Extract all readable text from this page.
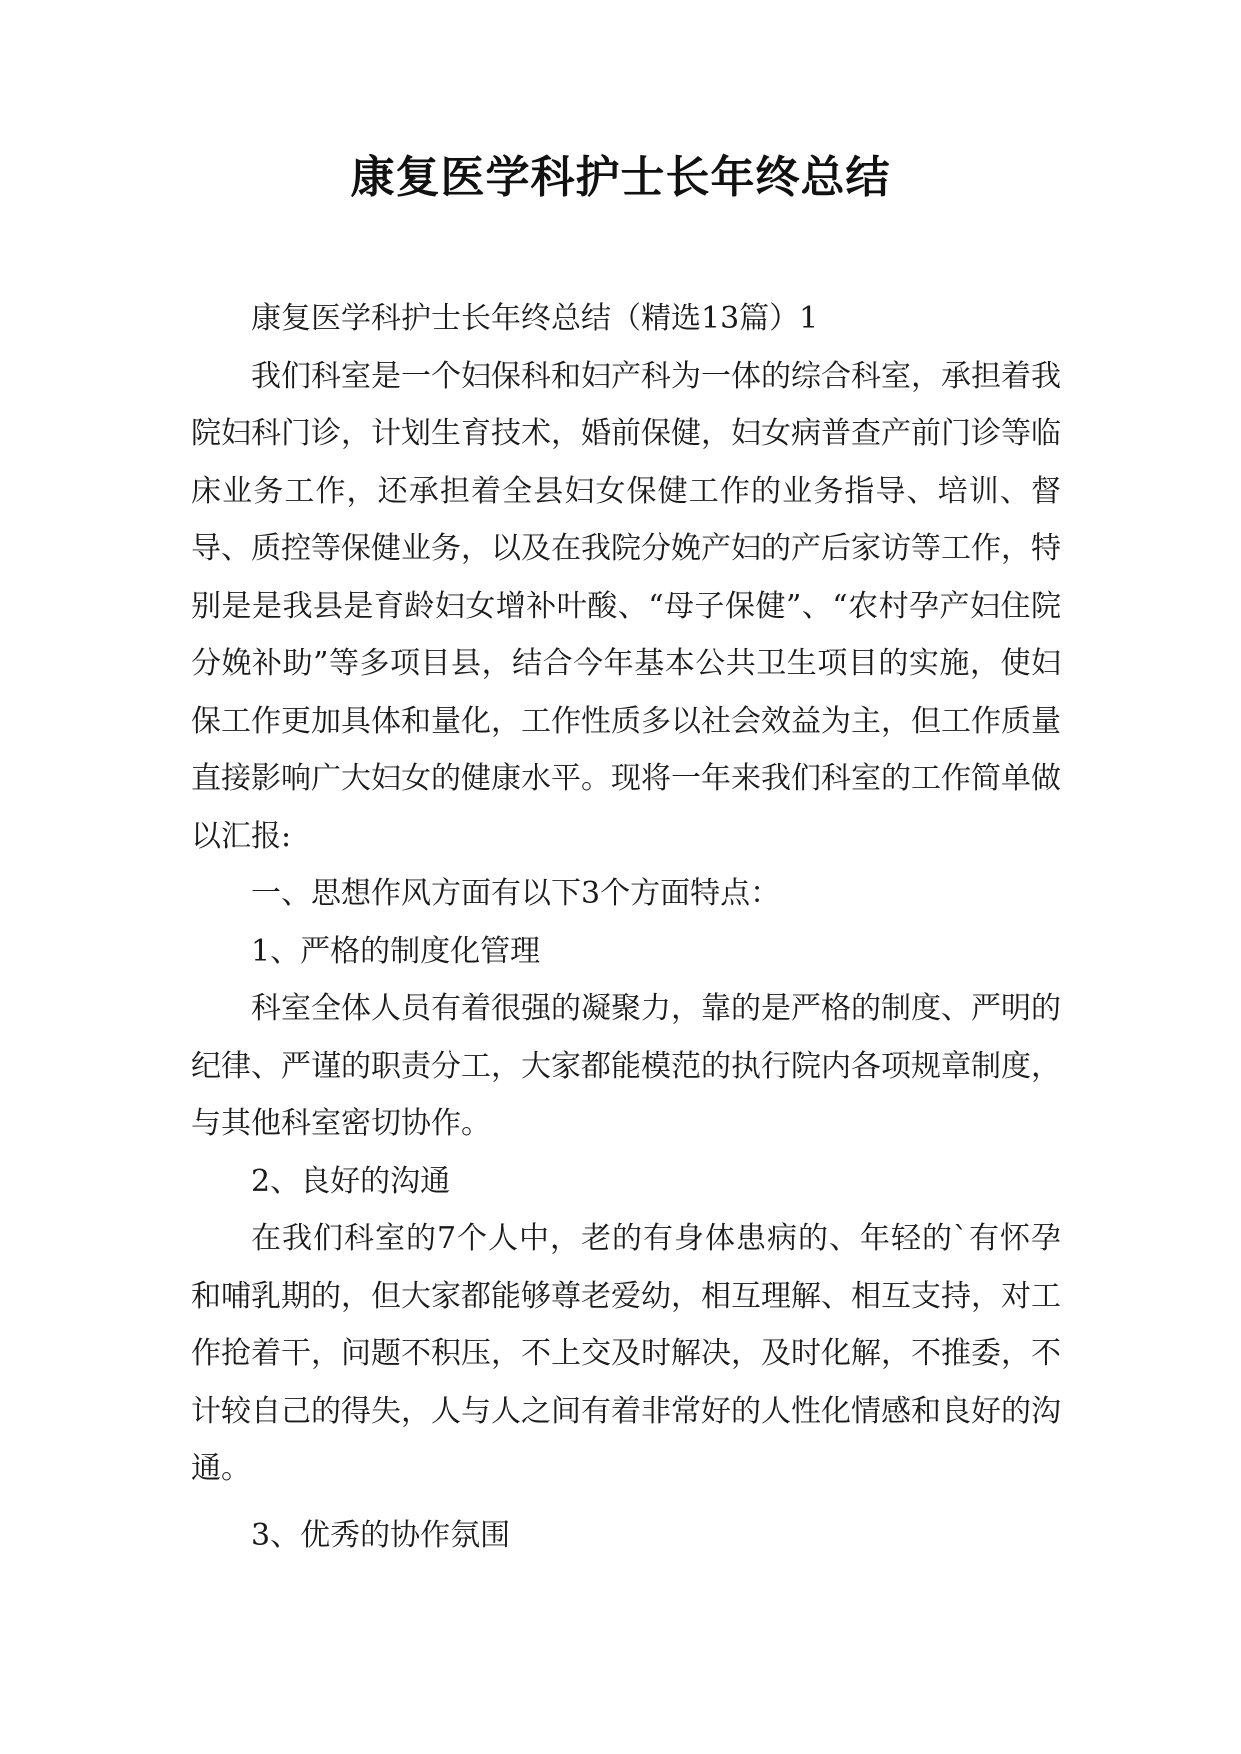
康复医学科护士长年终总结

康复医学科护士长年终总结（精选13篇）1

我们科室是一个妇保科和妇产科为一体的综合科室，承担着我院妇科门诊，计划生育技术，婚前保健，妇女病普查产前门诊等临床业务工作，还承担着全县妇女保健工作的业务指导、培训、督导、质控等保健业务，以及在我院分娩产妇的产后家访等工作，特别是是我县是育龄妇女增补叶酸、“母子保健”、“农村孕产妇住院分娩补助”等多项目县，结合今年基本公共卫生项目的实施，使妇保工作更加具体和量化，工作性质多以社会效益为主，但工作质量直接影响广大妇女的健康水平。现将一年来我们科室的工作简单做以汇报:

一、思想作风方面有以下3个方面特点：

1、严格的制度化管理

科室全体人员有着很强的凝聚力，靠的是严格的制度、严明的纪律、严谨的职责分工，大家都能模范的执行院内各项规章制度，与其他科室密切协作。

2、良好的沟通

在我们科室的7个人中，老的有身体患病的、年轻的`有怀孕和哺乳期的，但大家都能够尊老爱幼，相互理解、相互支持，对工作抢着干，问题不积压，不上交及时解决，及时化解，不推委，不计较自己的得失，人与人之间有着非常好的人性化情感和良好的沟通。

3、优秀的协作氛围
